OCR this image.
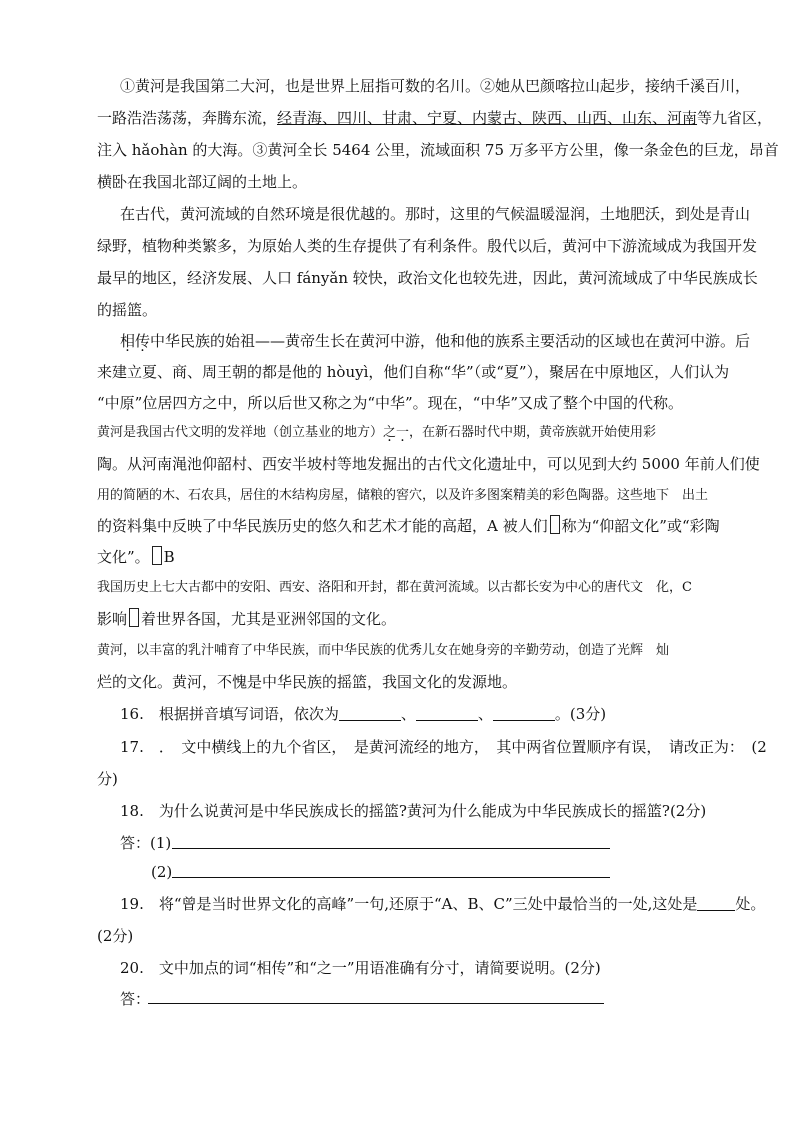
①黄河是我国第二大河，也是世界上屈指可数的名川。②她从巴颜喀拉山起步，接纳千溪百川，
一路浩浩荡荡，奔腾东流，经青海、四川、甘肃、宁夏、内蒙古、陕西、山西、山东、河南等九省区，
注入 hǎohàn 的大海。③黄河全长 5464 公里，流域面积 75 万多平方公里，像一条金色的巨龙，昂首
横卧在我国北部辽阔的土地上。
在古代，黄河流域的自然环境是很优越的。那时，这里的气候温暖湿润，土地肥沃，到处是青山
绿野，植物种类繁多，为原始人类的生存提供了有利条件。殷代以后，黄河中下游流域成为我国开发
最早的地区，经济发展、人口 fányǎn 较快，政治文化也较先进，因此，黄河流域成了中华民族成长
的摇篮。
相传中华民族的始祖——黄帝生长在黄河中游，他和他的族系主要活动的区域也在黄河中游。后
来建立夏、商、周王朝的都是他的 hòuyì，他们自称“华”（或“夏”），聚居在中原地区，人们认为
“中原”位居四方之中，所以后世又称之为“中华”。现在，“中华”又成了整个中国的代称。
黄河是我国古代文明的发祥地（创立基业的地方）之一，在新石器时代中期，黄帝族就开始使用彩
陶。从河南渑池仰韶村、西安半坡村等地发掘出的古代文化遗址中，可以见到大约 5000 年前人们使
用的简陋的木、石农具，居住的木结构房屋，储粮的窖穴，以及许多图案精美的彩色陶器。这些地下　出土
的资料集中反映了中华民族历史的悠久和艺术才能的高超，A 被人们 称为“仰韶文化”或“彩陶
文化”。 B
我国历史上七大古都中的安阳、西安、洛阳和开封，都在黄河流域。以古都长安为中心的唐代文　化，C
影响 着世界各国，尤其是亚洲邻国的文化。
黄河，以丰富的乳汁哺育了中华民族，而中华民族的优秀儿女在她身旁的辛勤劳动，创造了光辉　灿
烂的文化。黄河，不愧是中华民族的摇篮，我国文化的发源地。
16.　根据拼音填写词语，依次为	、	、	。(3分)
17.　．　文中横线上的九个省区，　是黄河流经的地方，　其中两省位置顺序有误，　请改正为：　(2
分)
18.　为什么说黄河是中华民族成长的摇篮?黄河为什么能成为中华民族成长的摇篮?(2分)
答：(1)
(2)
19.　将“曾是当时世界文化的高峰”一句,还原于“A、B、C”三处中最恰当的一处,这处是	处。
(2分)
20.　文中加点的词“相传”和“之一”用语准确有分寸，请简要说明。(2分)
答：
